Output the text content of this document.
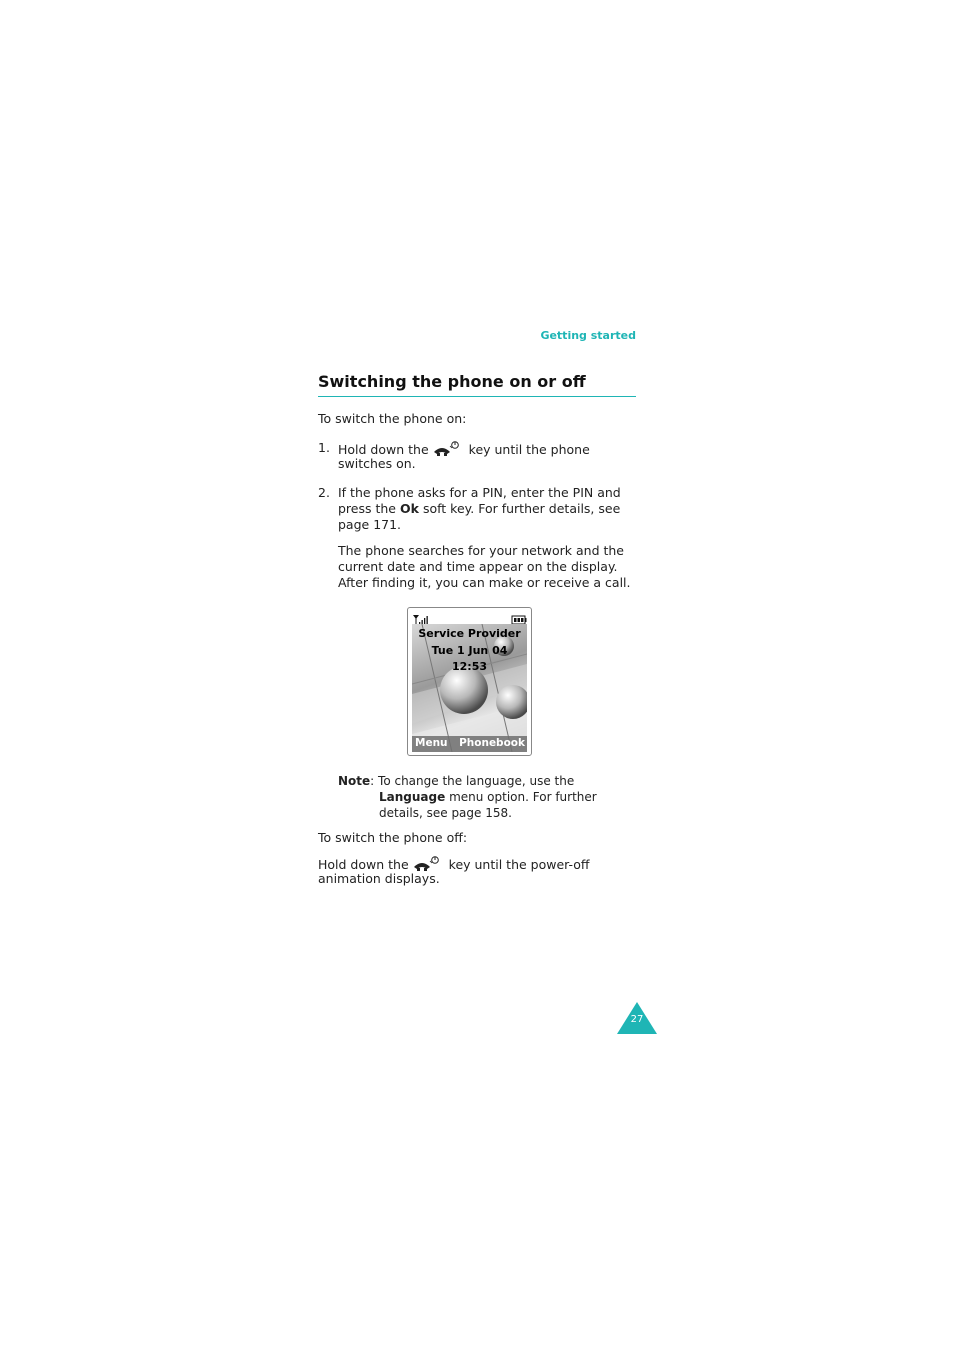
Getting started
Switching the phone on or off
To switch the phone on:
1. Hold down the	key until the phone
switches on.
2. If the phone asks for a PIN, enter the PIN and
press the Ok soft key. For further details, see
page 171.
The phone searches for your network and the
current date and time appear on the display.
After finding it, you can make or receive a call.
Service Provider
Tue 1 Jun 04
12:53
Menu Phonebook
Note: To change the language, use the
Language menu option. For further
details, see page 158.
To switch the phone off:
Hold down the	key until the power-off
animation displays.
27
